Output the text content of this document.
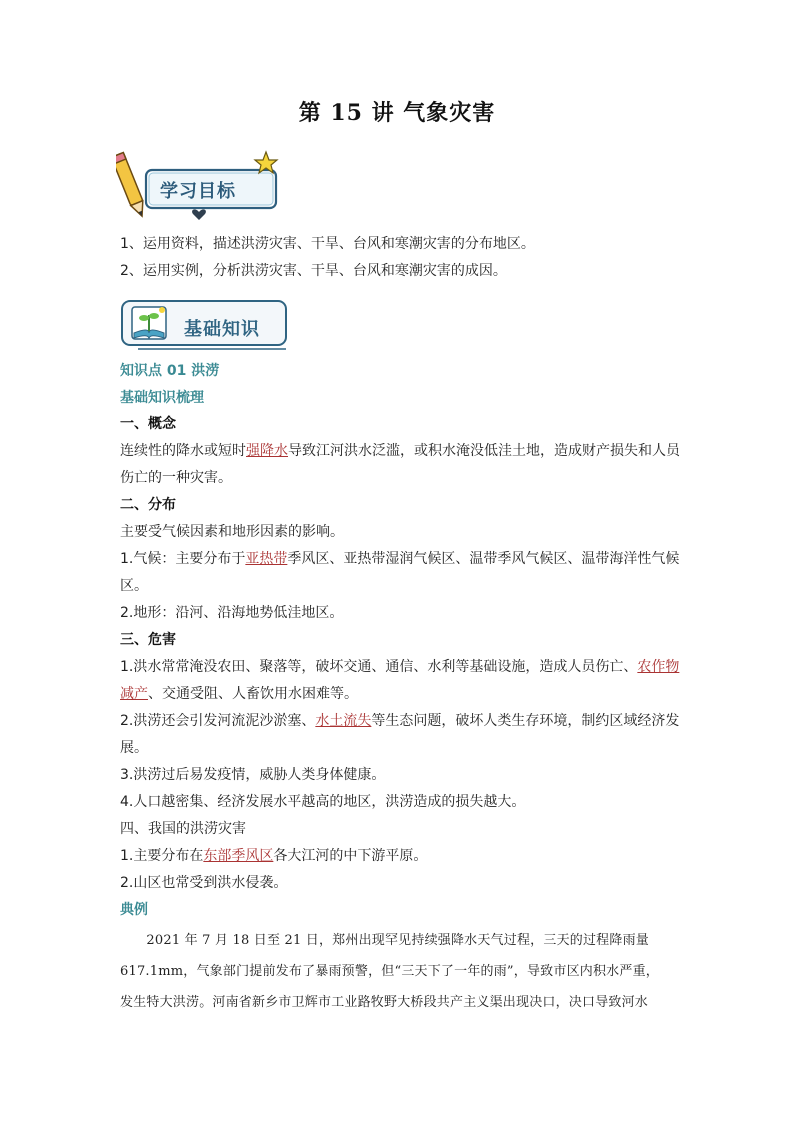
第 15 讲 气象灾害
学习目标
1、运用资料，描述洪涝灾害、干旱、台风和寒潮灾害的分布地区。
2、运用实例，分析洪涝灾害、干旱、台风和寒潮灾害的成因。
基础知识
知识点 01 洪涝
基础知识梳理
一、概念
连续性的降水或短时强降水导致江河洪水泛滥，或积水淹没低洼土地，造成财产损失和人员
伤亡的一种灾害。
二、分布
主要受气候因素和地形因素的影响。
1.气候：主要分布于亚热带季风区、亚热带湿润气候区、温带季风气候区、温带海洋性气候
区。
2.地形：沿河、沿海地势低洼地区。
三、危害
1.洪水常常淹没农田、聚落等，破坏交通、通信、水利等基础设施，造成人员伤亡、农作物
减产、交通受阻、人畜饮用水困难等。
2.洪涝还会引发河流泥沙淤塞、水土流失等生态问题，破坏人类生存环境，制约区域经济发
展。
3.洪涝过后易发疫情，威胁人类身体健康。
4.人口越密集、经济发展水平越高的地区，洪涝造成的损失越大。
四、我国的洪涝灾害
1.主要分布在东部季风区各大江河的中下游平原。
2.山区也常受到洪水侵袭。
典例
　　2021 年 7 月 18 日至 21 日，郑州出现罕见持续强降水天气过程，三天的过程降雨量
617.1mm，气象部门提前发布了暴雨预警，但“三天下了一年的雨”，导致市区内积水严重，
发生特大洪涝。河南省新乡市卫辉市工业路牧野大桥段共产主义渠出现决口，决口导致河水
